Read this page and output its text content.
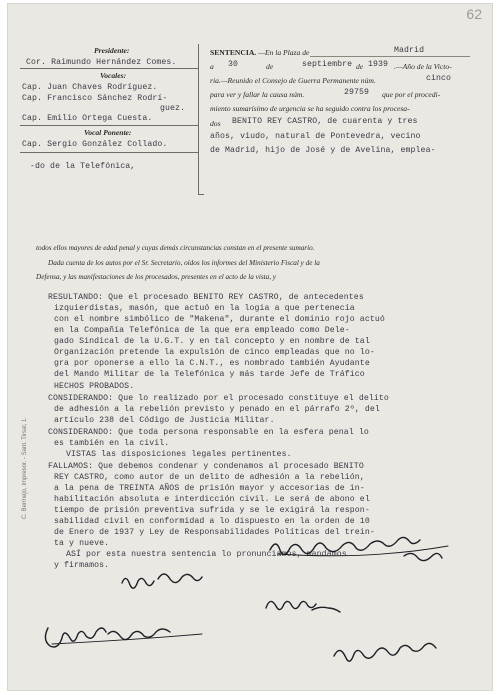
62
Presidente:
Cor. Raimundo Hernández Comes.
Vocales:
Cap. Juan Chaves Rodríguez.
Cap. Francisco Sánchez Rodrí-
guez.
Cap. Emilio Ortega Cuesta.
Vocal Ponente:
Cap. Sergio González Collado.
SENTENCIA. —En la Plaza de	Madrid
a 30	de	septiembre de 1939 .—Año de la Victo-
ria.—Reunido el Consejo de Guerra Permanente núm.	cinco
para ver y fallar la causa núm.	29759 que por el procedi-
miento sumarísimo de urgencia se ha seguido contra los procesa-
dos BENITO REY CASTRO, de cuarenta y tres
años, viudo, natural de Pontevedra, vecino
de Madrid, hijo de José y de Avelina, emplea-
-do de la Telefónica,
todos ellos mayores de edad penal y cuyas demás circunstancias constan en el presente sumario.
Dada cuenta de los autos por el Sr. Secretario, oídos los informes del Ministerio Fiscal y de la
Defensa, y las manifestaciones de los procesados, presentes en el acto de la vista, y
RESULTANDO: Que el procesado BENITO REY CASTRO, de antecedentes
izquierdistas, masón, que actuó en la logia a que pertenecía
con el nombre simbólico de "Makena", durante el dominio rojo actuó
en la Compañía Telefónica de la que era empleado como Dele-
gado Sindical de la U.G.T. y en tal concepto y en nombre de tal
Organización pretende la expulsión de cinco empleadas que no lo-
gra por oponerse a ello la C.N.T., es nombrado también Ayudante
del Mando Militar de la Telefónica y más tarde Jefe de Tráfico
HECHOS PROBADOS.
CONSIDERANDO: Que lo realizado por el procesado constituye el delito
de adhesión a la rebelión previsto y penado en el párrafo 2º, del
artículo 238 del Código de Justicia Militar.
CONSIDERANDO: Que toda persona responsable en la esfera penal lo
es también en la civil.
VISTAS las disposiciones legales pertinentes.
FALLAMOS: Que debemos condenar y condenamos al procesado BENITO
REY CASTRO, como autor de un delito de adhesión a la rebelión,
a la pena de TREINTA AÑOS de prisión mayor y accesorias de in-
habilitación absoluta e interdicción civil. Le será de abono el
tiempo de prisión preventiva sufrida y se le exigirá la respon-
sabilidad civil en conformidad a lo dispuesto en la orden de 10
de Enero de 1937 y Ley de Responsabilidades Políticas del trein-
ta y nueve.
ASÍ por esta nuestra sentencia lo pronunciamos, mandamos
y firmamos.
C. Bermejo, Impresor. - Sant. Tirsal, 1.
